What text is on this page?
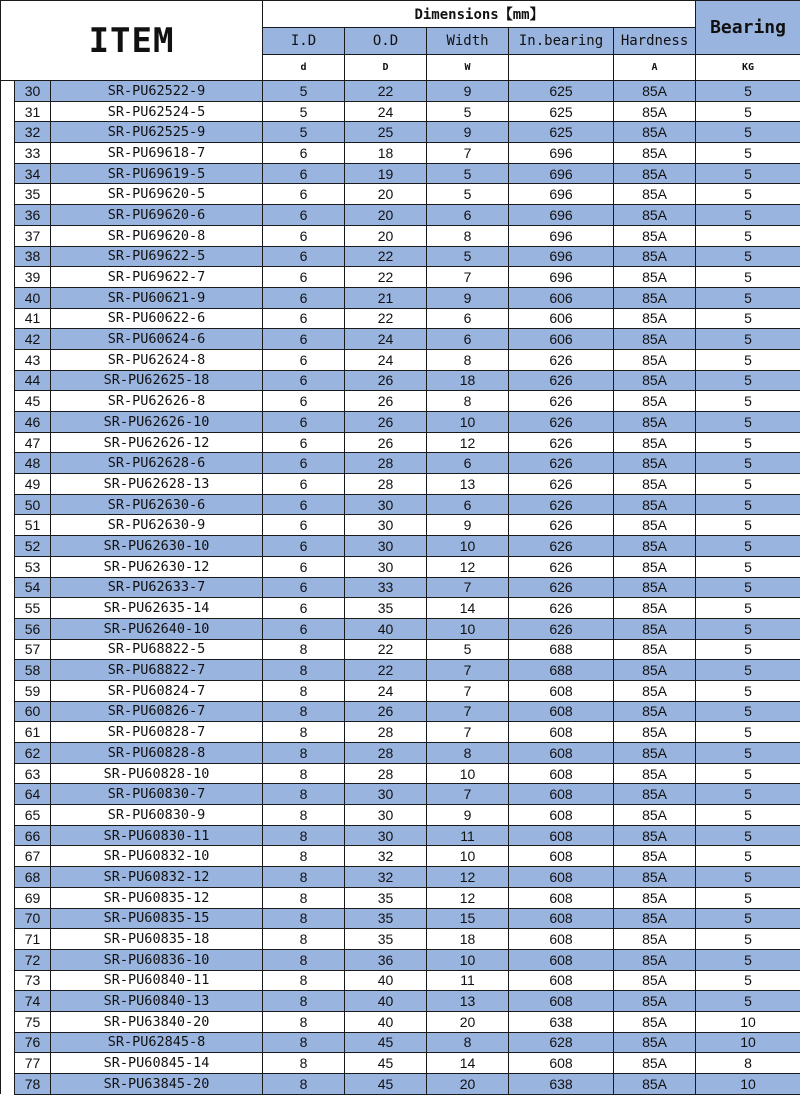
ITEM			Dimensions【mm】					Bearing
			I.D	O.D	Width	In.bearing	Hardness	
			d	D	W		A	KG
	30	SR-PU62522-9	5	22	9	625	85A	5
	31	SR-PU62524-5	5	24	5	625	85A	5
	32	SR-PU62525-9	5	25	9	625	85A	5
	33	SR-PU69618-7	6	18	7	696	85A	5
	34	SR-PU69619-5	6	19	5	696	85A	5
	35	SR-PU69620-5	6	20	5	696	85A	5
	36	SR-PU69620-6	6	20	6	696	85A	5
	37	SR-PU69620-8	6	20	8	696	85A	5
	38	SR-PU69622-5	6	22	5	696	85A	5
	39	SR-PU69622-7	6	22	7	696	85A	5
	40	SR-PU60621-9	6	21	9	606	85A	5
	41	SR-PU60622-6	6	22	6	606	85A	5
	42	SR-PU60624-6	6	24	6	606	85A	5
	43	SR-PU62624-8	6	24	8	626	85A	5
	44	SR-PU62625-18	6	26	18	626	85A	5
	45	SR-PU62626-8	6	26	8	626	85A	5
	46	SR-PU62626-10	6	26	10	626	85A	5
	47	SR-PU62626-12	6	26	12	626	85A	5
	48	SR-PU62628-6	6	28	6	626	85A	5
	49	SR-PU62628-13	6	28	13	626	85A	5
	50	SR-PU62630-6	6	30	6	626	85A	5
	51	SR-PU62630-9	6	30	9	626	85A	5
	52	SR-PU62630-10	6	30	10	626	85A	5
	53	SR-PU62630-12	6	30	12	626	85A	5
	54	SR-PU62633-7	6	33	7	626	85A	5
	55	SR-PU62635-14	6	35	14	626	85A	5
	56	SR-PU62640-10	6	40	10	626	85A	5
	57	SR-PU68822-5	8	22	5	688	85A	5
	58	SR-PU68822-7	8	22	7	688	85A	5
	59	SR-PU60824-7	8	24	7	608	85A	5
	60	SR-PU60826-7	8	26	7	608	85A	5
	61	SR-PU60828-7	8	28	7	608	85A	5
	62	SR-PU60828-8	8	28	8	608	85A	5
	63	SR-PU60828-10	8	28	10	608	85A	5
	64	SR-PU60830-7	8	30	7	608	85A	5
	65	SR-PU60830-9	8	30	9	608	85A	5
	66	SR-PU60830-11	8	30	11	608	85A	5
	67	SR-PU60832-10	8	32	10	608	85A	5
	68	SR-PU60832-12	8	32	12	608	85A	5
	69	SR-PU60835-12	8	35	12	608	85A	5
	70	SR-PU60835-15	8	35	15	608	85A	5
	71	SR-PU60835-18	8	35	18	608	85A	5
	72	SR-PU60836-10	8	36	10	608	85A	5
	73	SR-PU60840-11	8	40	11	608	85A	5
	74	SR-PU60840-13	8	40	13	608	85A	5
	75	SR-PU63840-20	8	40	20	638	85A	10
	76	SR-PU62845-8	8	45	8	628	85A	10
	77	SR-PU60845-14	8	45	14	608	85A	8
	78	SR-PU63845-20	8	45	20	638	85A	10
